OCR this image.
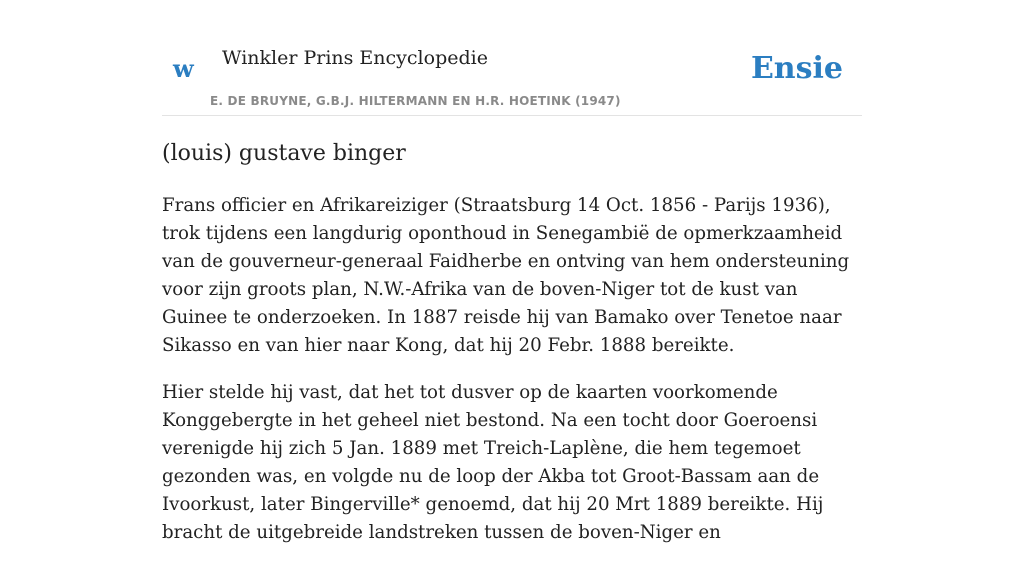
w Winkler Prins Encyclopedie
E. DE BRUYNE, G.B.J. HILTERMANN EN H.R. HOETINK (1947)
Ensie
(louis) gustave binger

Frans officier en Afrikareiziger (Straatsburg 14 Oct. 1856 - Parijs 1936), trok tijdens een langdurig oponthoud in Senegambië de opmerkzaamheid van de gouverneur-generaal Faidherbe en ontving van hem ondersteuning voor zijn groots plan, N.W.-Afrika van de boven-Niger tot de kust van Guinee te onderzoeken. In 1887 reisde hij van Bamako over Tenetoe naar Sikasso en van hier naar Kong, dat hij 20 Febr. 1888 bereikte.

Hier stelde hij vast, dat het tot dusver op de kaarten voorkomende Konggebergte in het geheel niet bestond. Na een tocht door Goeroensi verenigde hij zich 5 Jan. 1889 met Treich-Laplène, die hem tegemoet gezonden was, en volgde nu de loop der Akba tot Groot-Bassam aan de Ivoorkust, later Bingerville* genoemd, dat hij 20 Mrt 1889 bereikte. Hij bracht de uitgebreide landstreken tussen de boven-Niger en
